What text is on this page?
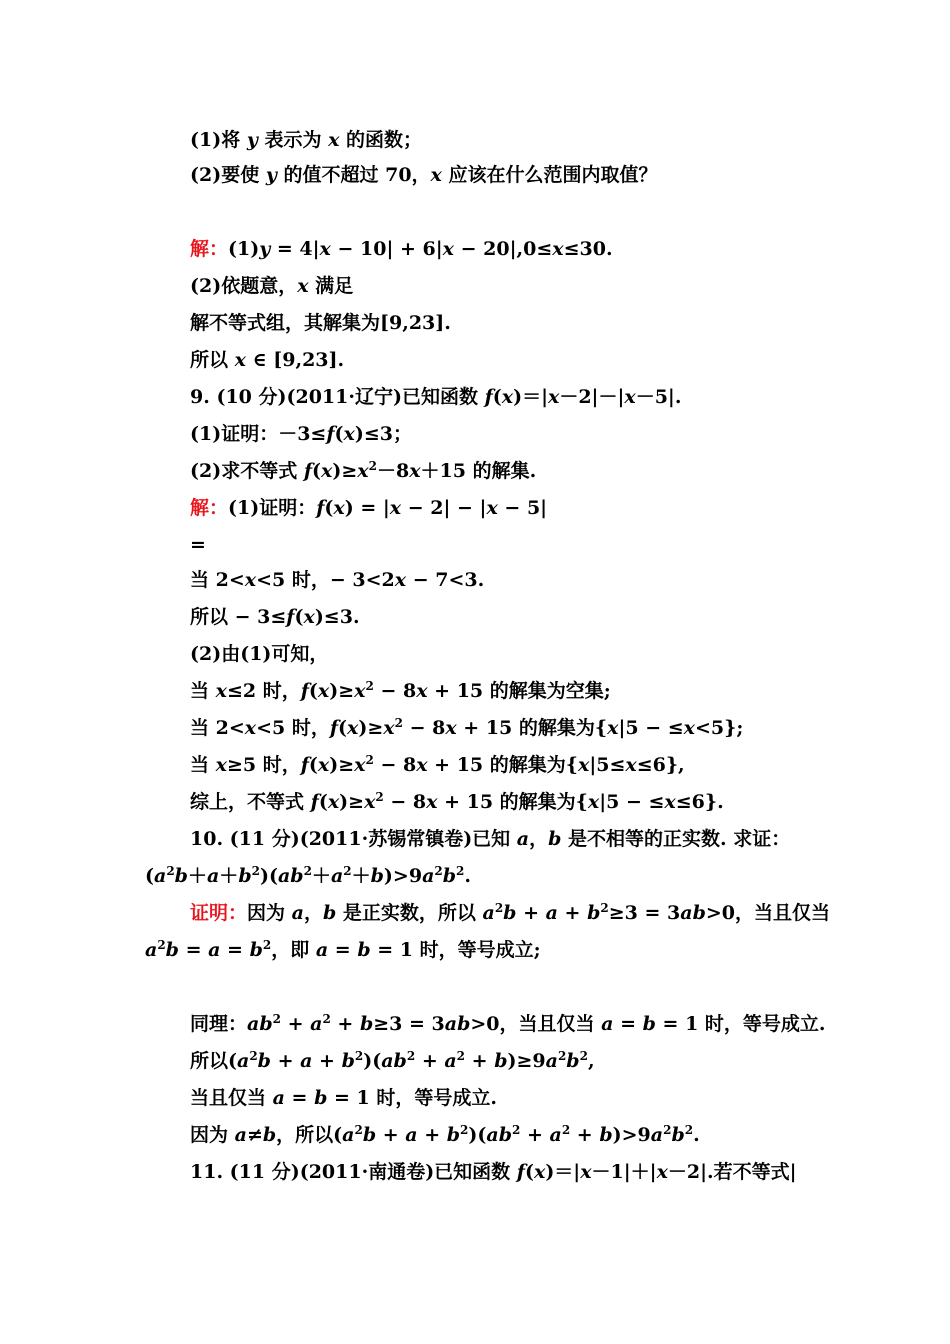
(1)将 y 表示为 x 的函数；
(2)要使 y 的值不超过 70，x 应该在什么范围内取值？
解：(1)y = 4|x − 10| + 6|x − 20|,0≤x≤30.
(2)依题意，x 满足
解不等式组，其解集为[9,23].
所以 x ∈ [9,23].
9. (10 分)(2011·辽宁)已知函数 f(x)＝|x－2|－|x－5|.
(1)证明：－3≤f(x)≤3；
(2)求不等式 $f(x)\ge x^2-8x+15$ 的解集.
解：(1)证明：f(x) = |x − 2| − |x − 5|
=
当 2<x<5 时，− 3<2x − 7<3.
所以 − 3≤f(x)≤3.
(2)由(1)可知，
当 x≤2 时，$f(x)\ge x^2 - 8x + 15$ 的解集为空集;
当 2<x<5 时，$f(x)\ge x^2 - 8x + 15$ 的解集为{x|5 − ≤x<5};
当 x≥5 时，$f(x)\ge x^2 - 8x + 15$ 的解集为{x|5≤x≤6},
综上，不等式 $f(x)\ge x^2 - 8x + 15$ 的解集为{x|5 − ≤x≤6}.
10. (11 分)(2011·苏锡常镇卷)已知 a，b 是不相等的正实数. 求证：
$(a^2b+a+b^2)(ab^2+a^2+b)>9a^2b^2$.
证明：因为 a，b 是正实数，所以 $a^2b + a + b^2\ge 3 = 3ab>0$，当且仅当
$a^2b = a = b^2$，即 a = b = 1 时，等号成立;
同理：$ab^2 + a^2 + b\ge 3 = 3ab>0$，当且仅当 a = b = 1 时，等号成立.
所以$(a^2b + a + b^2)(ab^2 + a^2 + b)\ge 9a^2b^2$,
当且仅当 a = b = 1 时，等号成立.
因为 a≠b，所以$(a^2b + a + b^2)(ab^2 + a^2 + b)>9a^2b^2$.
11. (11 分)(2011·南通卷)已知函数 f(x)＝|x－1|＋|x－2|.若不等式|
